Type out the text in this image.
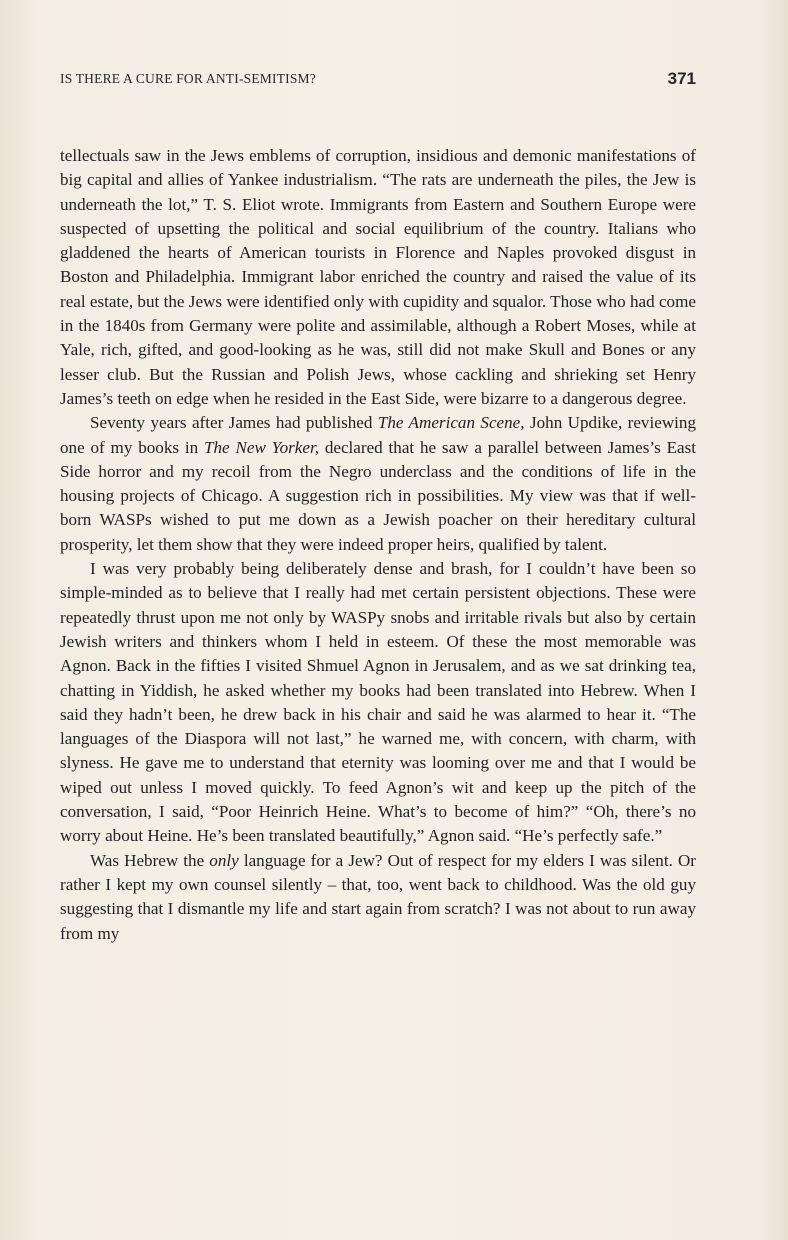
IS THERE A CURE FOR ANTI-SEMITISM?	371

tellectuals saw in the Jews emblems of corruption, insidious and demonic manifestations of big capital and allies of Yankee industrialism. “The rats are underneath the piles, the Jew is underneath the lot,” T. S. Eliot wrote. Immigrants from Eastern and Southern Europe were suspected of upsetting the political and social equilibrium of the country. Italians who gladdened the hearts of American tourists in Florence and Naples provoked disgust in Boston and Philadelphia. Immigrant labor enriched the country and raised the value of its real estate, but the Jews were identified only with cupidity and squalor. Those who had come in the 1840s from Germany were polite and assimilable, although a Robert Moses, while at Yale, rich, gifted, and good-looking as he was, still did not make Skull and Bones or any lesser club. But the Russian and Polish Jews, whose cackling and shrieking set Henry James’s teeth on edge when he resided in the East Side, were bizarre to a dangerous degree.

Seventy years after James had published The American Scene, John Updike, reviewing one of my books in The New Yorker, declared that he saw a parallel between James’s East Side horror and my recoil from the Negro underclass and the conditions of life in the housing projects of Chicago. A suggestion rich in possibilities. My view was that if well-born WASPs wished to put me down as a Jewish poacher on their hereditary cultural prosperity, let them show that they were indeed proper heirs, qualified by talent.

I was very probably being deliberately dense and brash, for I couldn’t have been so simple-minded as to believe that I really had met certain persistent objections. These were repeatedly thrust upon me not only by WASPy snobs and irritable rivals but also by certain Jewish writers and thinkers whom I held in esteem. Of these the most memorable was Agnon. Back in the fifties I visited Shmuel Agnon in Jerusalem, and as we sat drinking tea, chatting in Yiddish, he asked whether my books had been translated into Hebrew. When I said they hadn’t been, he drew back in his chair and said he was alarmed to hear it. “The languages of the Diaspora will not last,” he warned me, with concern, with charm, with slyness. He gave me to understand that eternity was looming over me and that I would be wiped out unless I moved quickly. To feed Agnon’s wit and keep up the pitch of the conversation, I said, “Poor Heinrich Heine. What’s to become of him?” “Oh, there’s no worry about Heine. He’s been translated beautifully,” Agnon said. “He’s perfectly safe.”

Was Hebrew the only language for a Jew? Out of respect for my elders I was silent. Or rather I kept my own counsel silently – that, too, went back to childhood. Was the old guy suggesting that I dismantle my life and start again from scratch? I was not about to run away from my
